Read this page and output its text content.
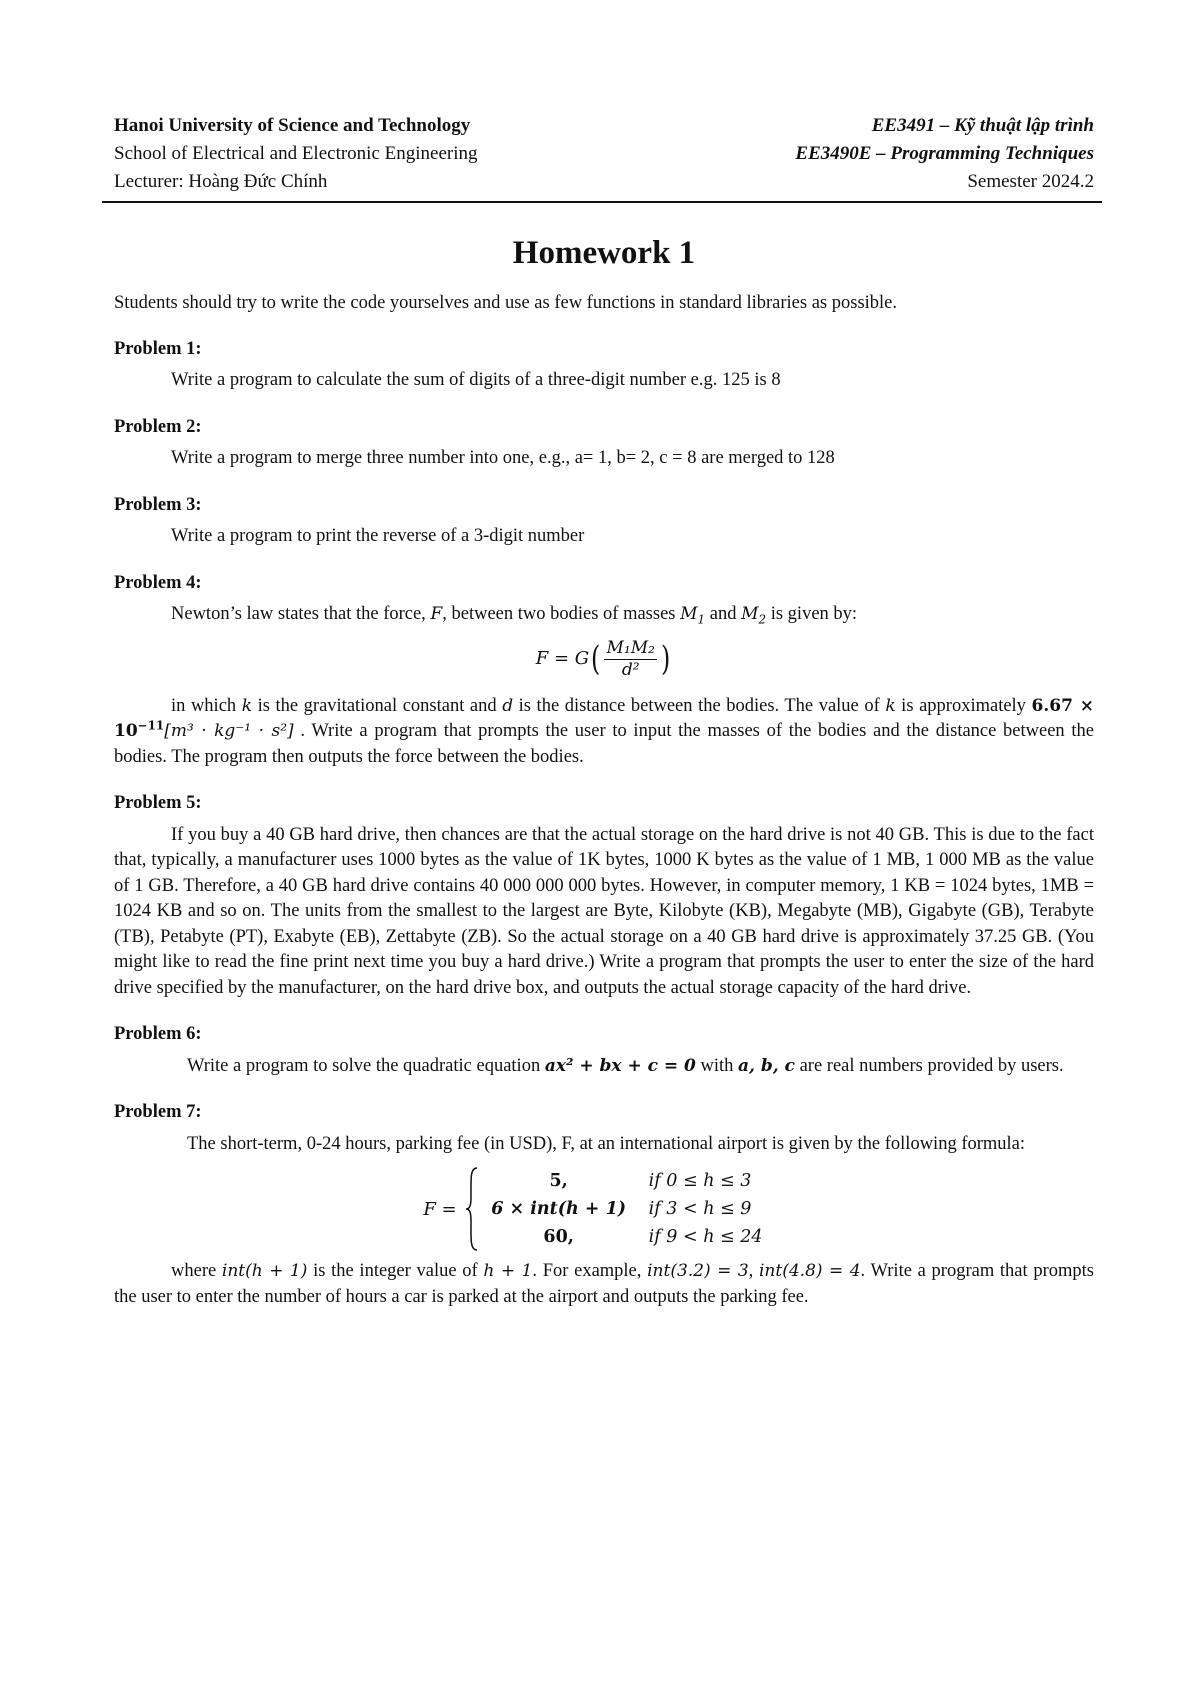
Hanoi University of Science and Technology	EE3491 – Kỹ thuật lập trình
School of Electrical and Electronic Engineering	EE3490E – Programming Techniques
Lecturer: Hoàng Đức Chính	Semester 2024.2
Homework 1

Students should try to write the code yourselves and use as few functions in standard libraries as possible.

Problem 1:

Write a program to calculate the sum of digits of a three-digit number e.g. 125 is 8

Problem 2:

Write a program to merge three number into one, e.g., a= 1, b= 2, c = 8 are merged to 128

Problem 3:

Write a program to print the reverse of a 3-digit number

Problem 4:

Newton’s law states that the force, F, between two bodies of masses $M_1$ and $M_2$ is given by:

F = G ( $\frac{\text{M₁M₂}}{\text{d²}}$ )

in which k is the gravitational constant and d is the distance between the bodies. The value of k is approximately $6.67 \times 10^{-11}[m^3 \cdot kg^{-1} \cdot s^2]$ . Write a program that prompts the user to input the masses of the bodies and the distance between the bodies. The program then outputs the force between the bodies.

Problem 5:

If you buy a 40 GB hard drive, then chances are that the actual storage on the hard drive is not 40 GB. This is due to the fact that, typically, a manufacturer uses 1000 bytes as the value of 1K bytes, 1000 K bytes as the value of 1 MB, 1 000 MB as the value of 1 GB. Therefore, a 40 GB hard drive contains 40 000 000 000 bytes. However, in computer memory, 1 KB = 1024 bytes, 1MB = 1024 KB and so on. The units from the smallest to the largest are Byte, Kilobyte (KB), Megabyte (MB), Gigabyte (GB), Terabyte (TB), Petabyte (PT), Exabyte (EB), Zettabyte (ZB). So the actual storage on a 40 GB hard drive is approximately 37.25 GB. (You might like to read the fine print next time you buy a hard drive.) Write a program that prompts the user to enter the size of the hard drive specified by the manufacturer, on the hard drive box, and outputs the actual storage capacity of the hard drive.

Problem 6:

Write a program to solve the quadratic equation ax² + bx + c = 0 with a, b, c are real numbers provided by users.

Problem 7:

The short-term, 0-24 hours, parking fee (in USD), F, at an international airport is given by the following formula:

F =
5,	if 0 ≤ h ≤ 3
6 × int(h + 1)	if 3 < h ≤ 9
60,	if 9 < h ≤ 24

where int(h + 1) is the integer value of h + 1. For example, int(3.2) = 3, int(4.8) = 4. Write a program that prompts the user to enter the number of hours a car is parked at the airport and outputs the parking fee.
